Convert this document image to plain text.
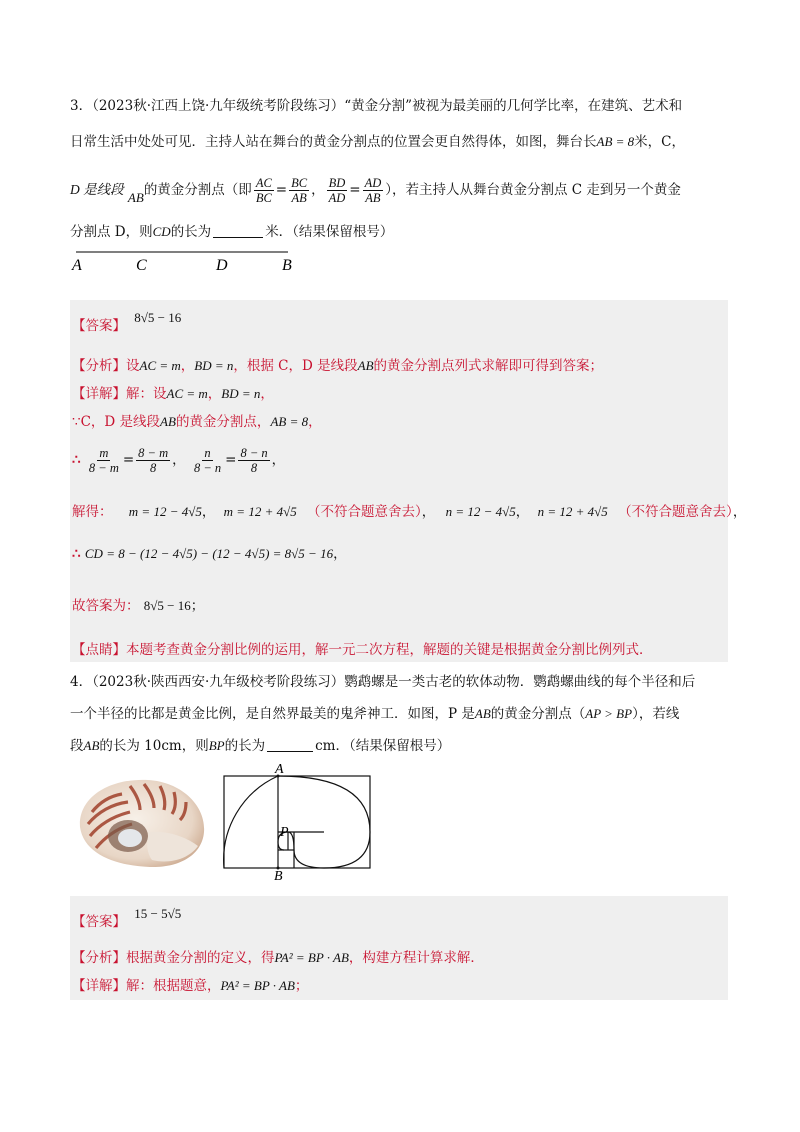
3．（2023秋·江西上饶·九年级统考阶段练习）“黄金分割”被视为最美丽的几何学比率，在建筑、艺术和
日常生活中处处可见．主持人站在舞台的黄金分割点的位置会更自然得体，如图，舞台长AB = 8米，C，
D 是线段 AB的黄金分割点（即 $\frac{AC}{BC} = \frac{BC}{AB}$ ， $\frac{BD}{AD} = \frac{AD}{AB}$ ），若主持人从舞台黄金分割点 C 走到另一个黄金
分割点 D，则CD的长为	米．（结果保留根号）
A	C	D	B
【答案】 8√5 − 16
【分析】设AC = m，BD = n，根据 C，D 是线段AB的黄金分割点列式求解即可得到答案；
【详解】解：设AC = m，BD = n，
∵C，D 是线段AB的黄金分割点，AB = 8，
∴ $\frac{m}{8 - m} = \frac{8 - m}{8}$ ， $\frac{n}{8 - n} = \frac{8 - n}{8}$ ，
解得： m = 12 − 4√5， m = 12 + 4√5 （不符合题意舍去）， n = 12 − 4√5， n = 12 + 4√5 （不符合题意舍去），
∴ CD = 8 − (12 − 4√5) − (12 − 4√5) = 8√5 − 16，
故答案为： 8√5 − 16；
【点睛】本题考查黄金分割比例的运用，解一元二次方程，解题的关键是根据黄金分割比例列式．
4．（2023秋·陕西西安·九年级校考阶段练习）鹦鹉螺是一类古老的软体动物．鹦鹉螺曲线的每个半径和后
一个半径的比都是黄金比例，是自然界最美的鬼斧神工．如图，P 是AB的黄金分割点（AP > BP），若线
段AB的长为 10cm，则BP的长为	cm．（结果保留根号）
A
P
B
【答案】 15 − 5√5
【分析】根据黄金分割的定义，得PA² = BP · AB，构建方程计算求解．
【详解】解：根据题意，PA² = BP · AB；
